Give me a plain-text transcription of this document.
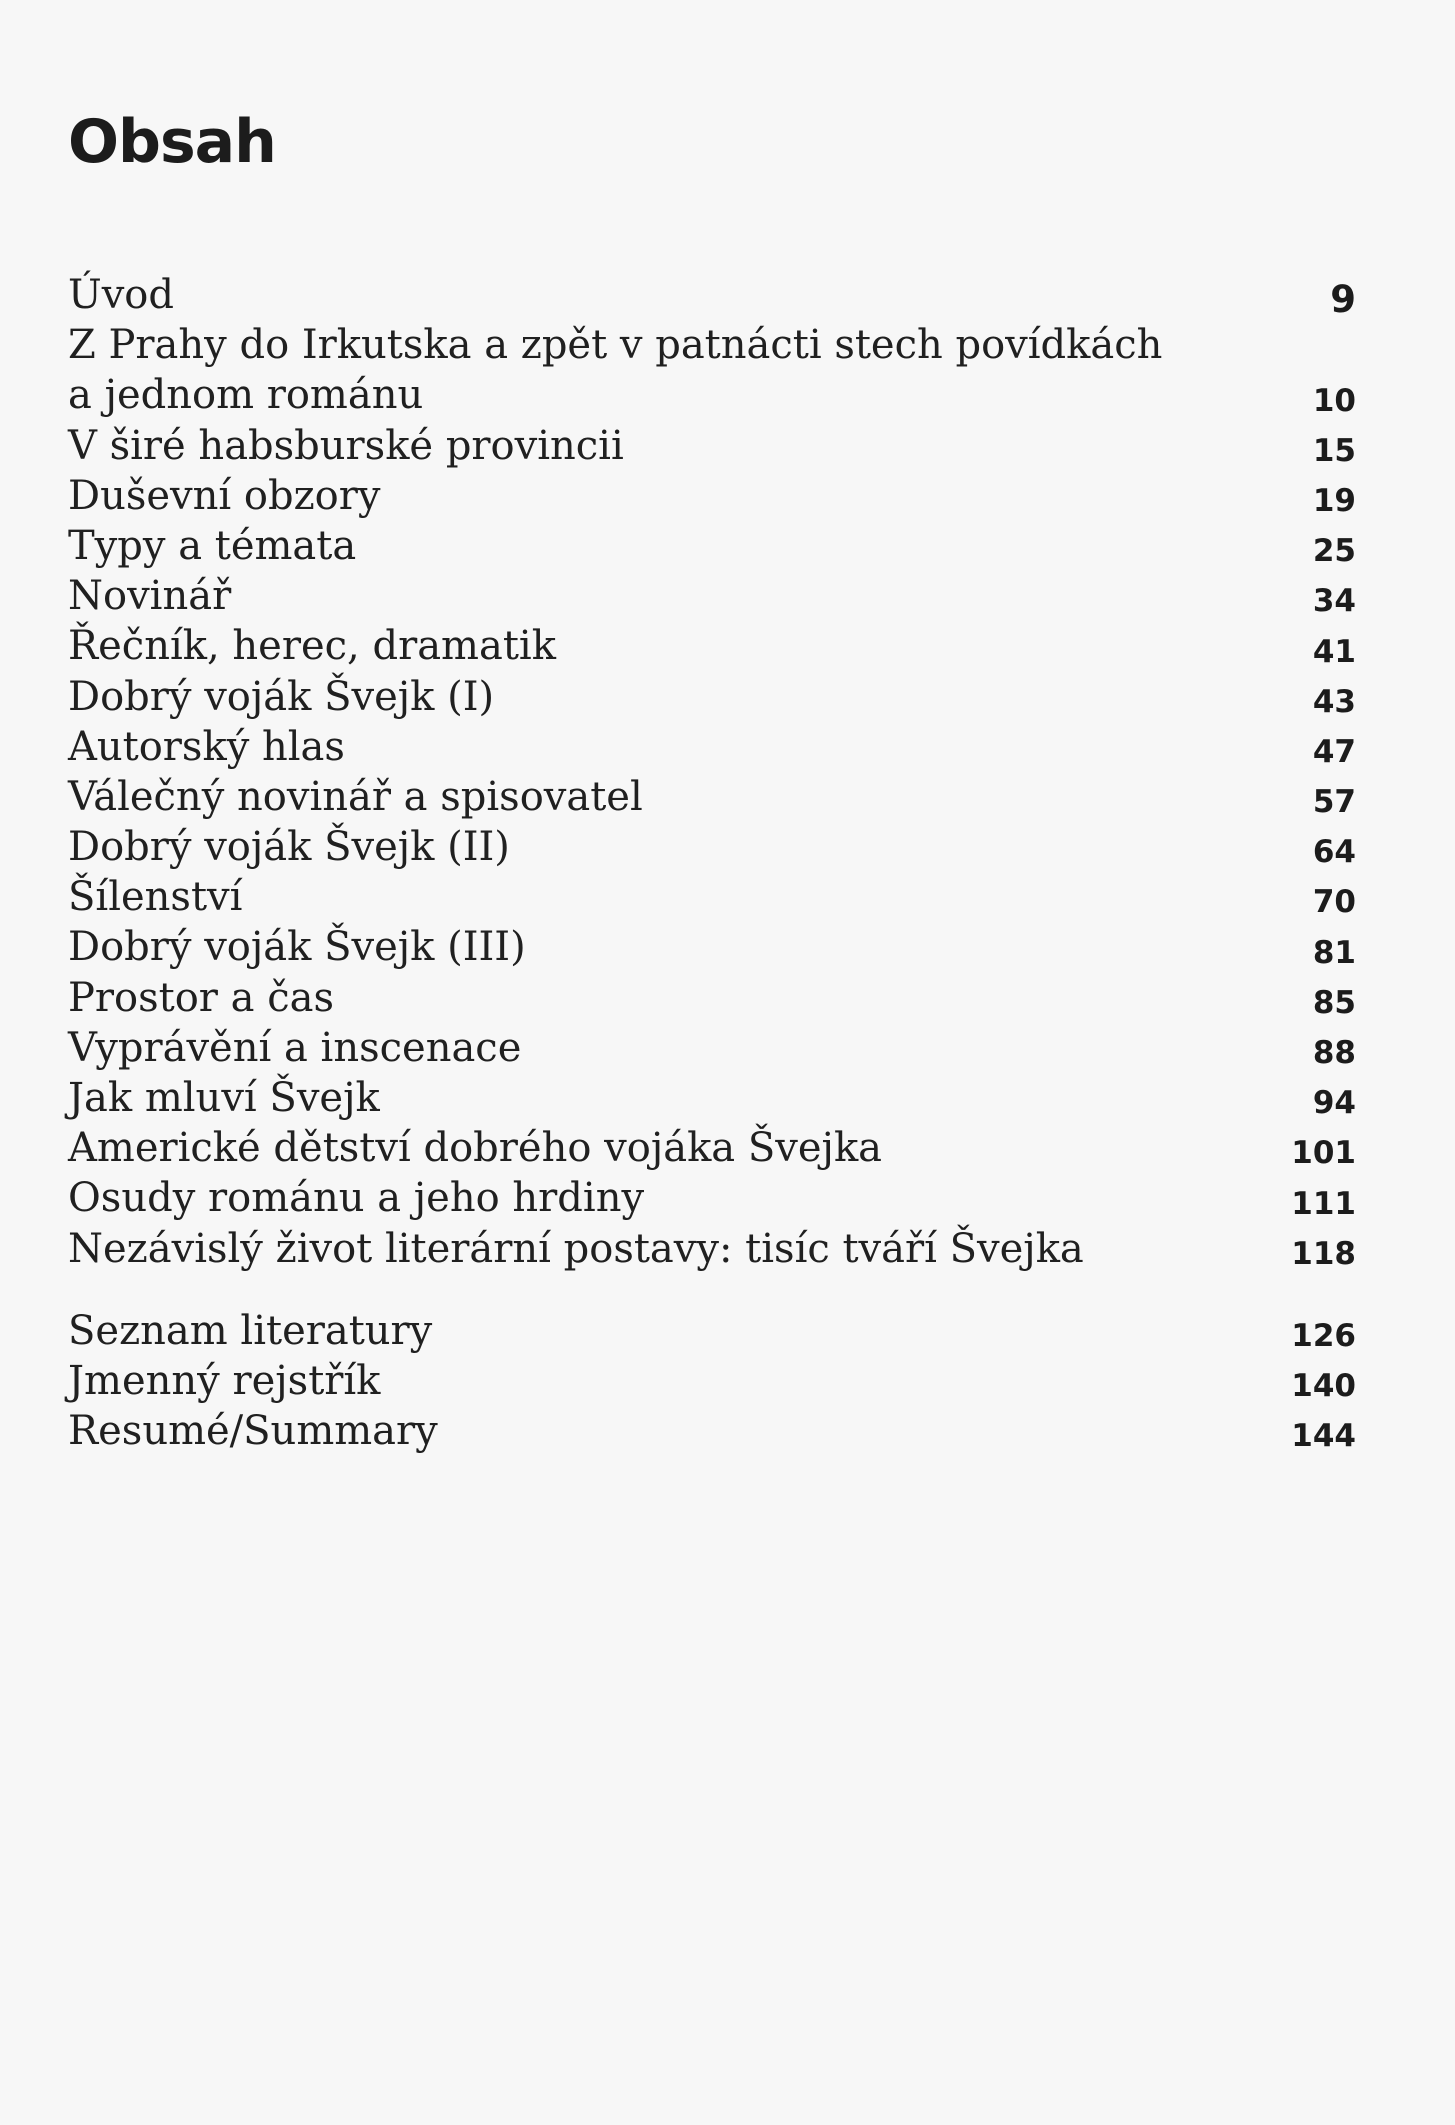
Obsah
Úvod	9
Z Prahy do Irkutska a zpět v patnácti stech povídkách a jednom románu	10
V širé habsburské provincii	15
Duševní obzory	19
Typy a témata	25
Novinář	34
Řečník, herec, dramatik	41
Dobrý voják Švejk (I)	43
Autorský hlas	47
Válečný novinář a spisovatel	57
Dobrý voják Švejk (II)	64
Šílenství	70
Dobrý voják Švejk (III)	81
Prostor a čas	85
Vyprávění a inscenace	88
Jak mluví Švejk	94
Americké dětství dobrého vojáka Švejka	101
Osudy románu a jeho hrdiny	111
Nezávislý život literární postavy: tisíc tváří Švejka	118
Seznam literatury	126
Jmenný rejstřík	140
Resumé/Summary	144
